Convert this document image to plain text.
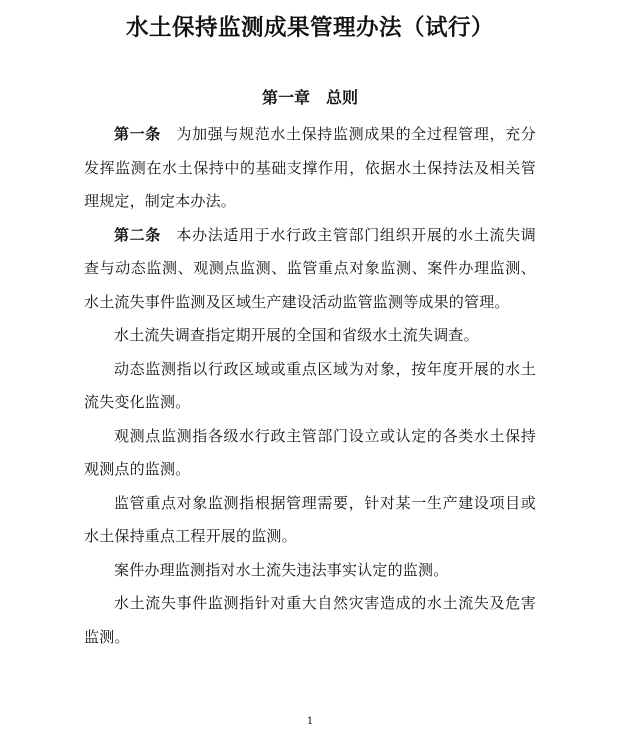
水土保持监测成果管理办法（试行）
第一章　总则

第一条 为加强与规范水土保持监测成果的全过程管理，充分发挥监测在水土保持中的基础支撑作用，依据水土保持法及相关管理规定，制定本办法。

第二条 本办法适用于水行政主管部门组织开展的水土流失调查与动态监测、观测点监测、监管重点对象监测、案件办理监测、水土流失事件监测及区域生产建设活动监管监测等成果的管理。

水土流失调查指定期开展的全国和省级水土流失调查。

动态监测指以行政区域或重点区域为对象，按年度开展的水土流失变化监测。

观测点监测指各级水行政主管部门设立或认定的各类水土保持观测点的监测。

监管重点对象监测指根据管理需要，针对某一生产建设项目或水土保持重点工程开展的监测。

案件办理监测指对水土流失违法事实认定的监测。

水土流失事件监测指针对重大自然灾害造成的水土流失及危害监测。

1
